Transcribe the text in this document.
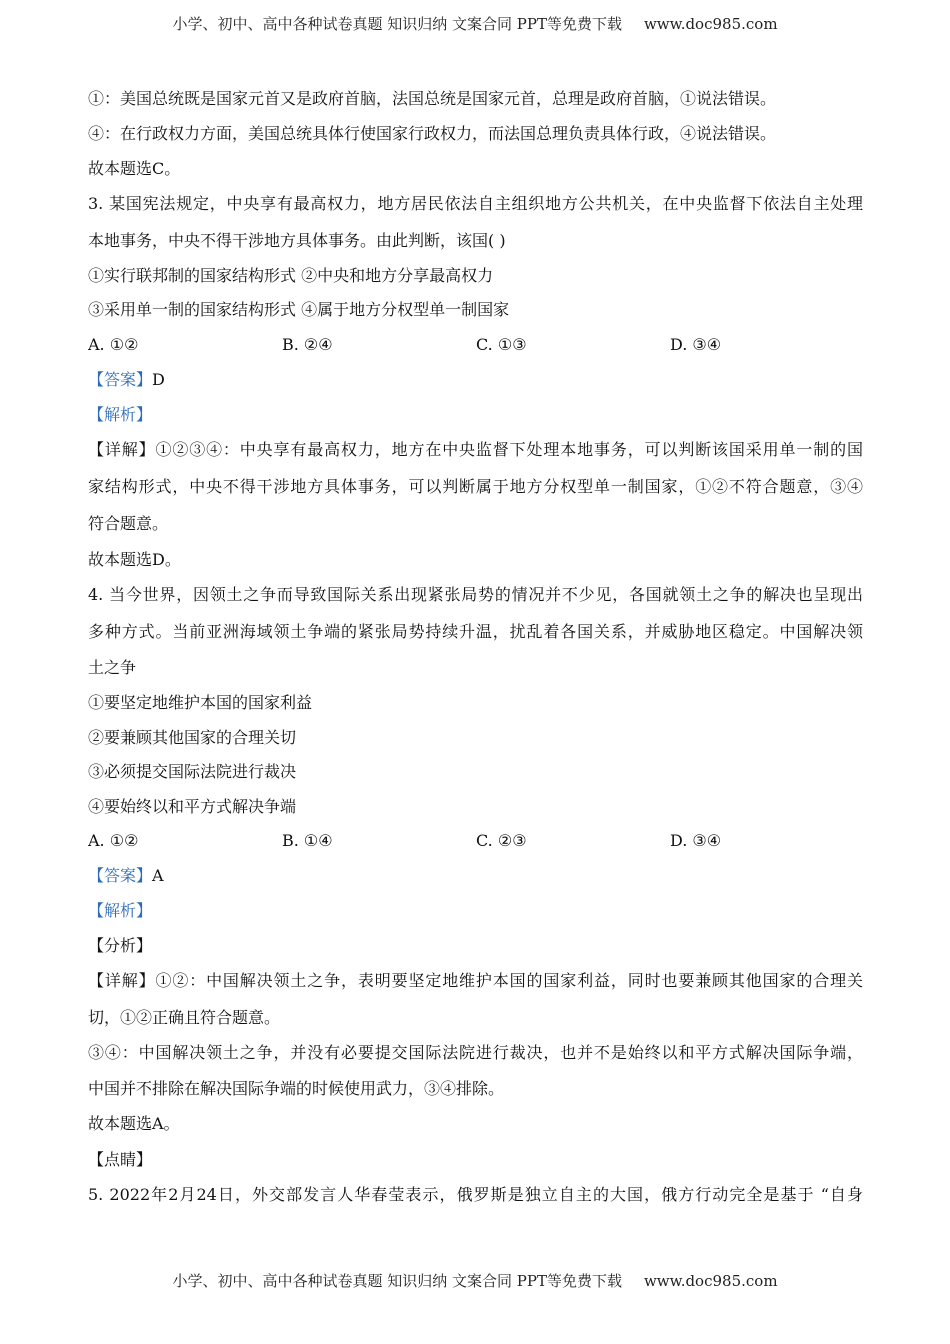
小学、初中、高中各种试卷真题 知识归纳 文案合同 PPT等免费下载 www.doc985.com
①：美国总统既是国家元首又是政府首脑，法国总统是国家元首，总理是政府首脑，①说法错误。
④：在行政权力方面，美国总统具体行使国家行政权力，而法国总理负责具体行政，④说法错误。
故本题选C。
3. 某国宪法规定，中央享有最高权力，地方居民依法自主组织地方公共机关，在中央监督下依法自主处理
本地事务，中央不得干涉地方具体事务。由此判断，该国( )
①实行联邦制的国家结构形式 ②中央和地方分享最高权力
③采用单一制的国家结构形式 ④属于地方分权型单一制国家
A. ①②	B. ②④	C. ①③	D. ③④
【答案】D
【解析】
【详解】①②③④：中央享有最高权力，地方在中央监督下处理本地事务，可以判断该国采用单一制的国
家结构形式，中央不得干涉地方具体事务，可以判断属于地方分权型单一制国家，①②不符合题意，③④
符合题意。
故本题选D。
4. 当今世界，因领土之争而导致国际关系出现紧张局势的情况并不少见，各国就领土之争的解决也呈现出
多种方式。当前亚洲海域领土争端的紧张局势持续升温，扰乱着各国关系，并威胁地区稳定。中国解决领
土之争
①要坚定地维护本国的国家利益
②要兼顾其他国家的合理关切
③必须提交国际法院进行裁决
④要始终以和平方式解决争端
A. ①②	B. ①④	C. ②③	D. ③④
【答案】A
【解析】
【分析】
【详解】①②：中国解决领土之争，表明要坚定地维护本国的国家利益，同时也要兼顾其他国家的合理关
切，①②正确且符合题意。
③④：中国解决领土之争，并没有必要提交国际法院进行裁决，也并不是始终以和平方式解决国际争端，
中国并不排除在解决国际争端的时候使用武力，③④排除。
故本题选A。
【点睛】
5. 2022年2月24日，外交部发言人华春莹表示，俄罗斯是独立自主的大国，俄方行动完全是基于 “自身
小学、初中、高中各种试卷真题 知识归纳 文案合同 PPT等免费下载 www.doc985.com
